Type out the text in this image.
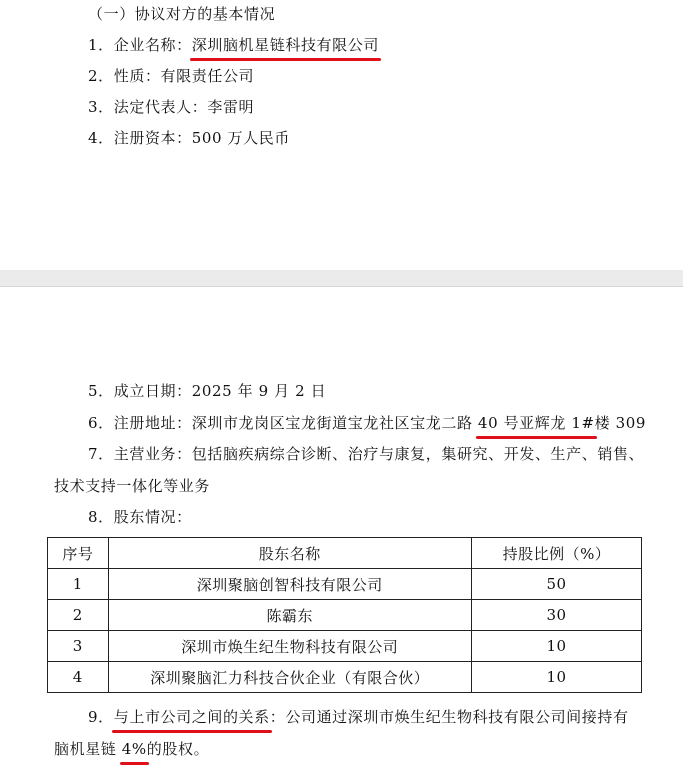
（一）协议对方的基本情况
1．企业名称：深圳脑机星链科技有限公司
2．性质：有限责任公司
3．法定代表人：李雷明
4．注册资本：500 万人民币
5．成立日期：2025 年 9 月 2 日
6．注册地址：深圳市龙岗区宝龙街道宝龙社区宝龙二路 40 号亚辉龙 1#楼 309
7．主营业务：包括脑疾病综合诊断、治疗与康复，集研究、开发、生产、销售、
技术支持一体化等业务
8．股东情况：
序号	股东名称	持股比例（%）
1	深圳聚脑创智科技有限公司	50
2	陈霸东	30
3	深圳市焕生纪生物科技有限公司	10
4	深圳聚脑汇力科技合伙企业（有限合伙）	10
9．与上市公司之间的关系：公司通过深圳市焕生纪生物科技有限公司间接持有
脑机星链 4%的股权。
